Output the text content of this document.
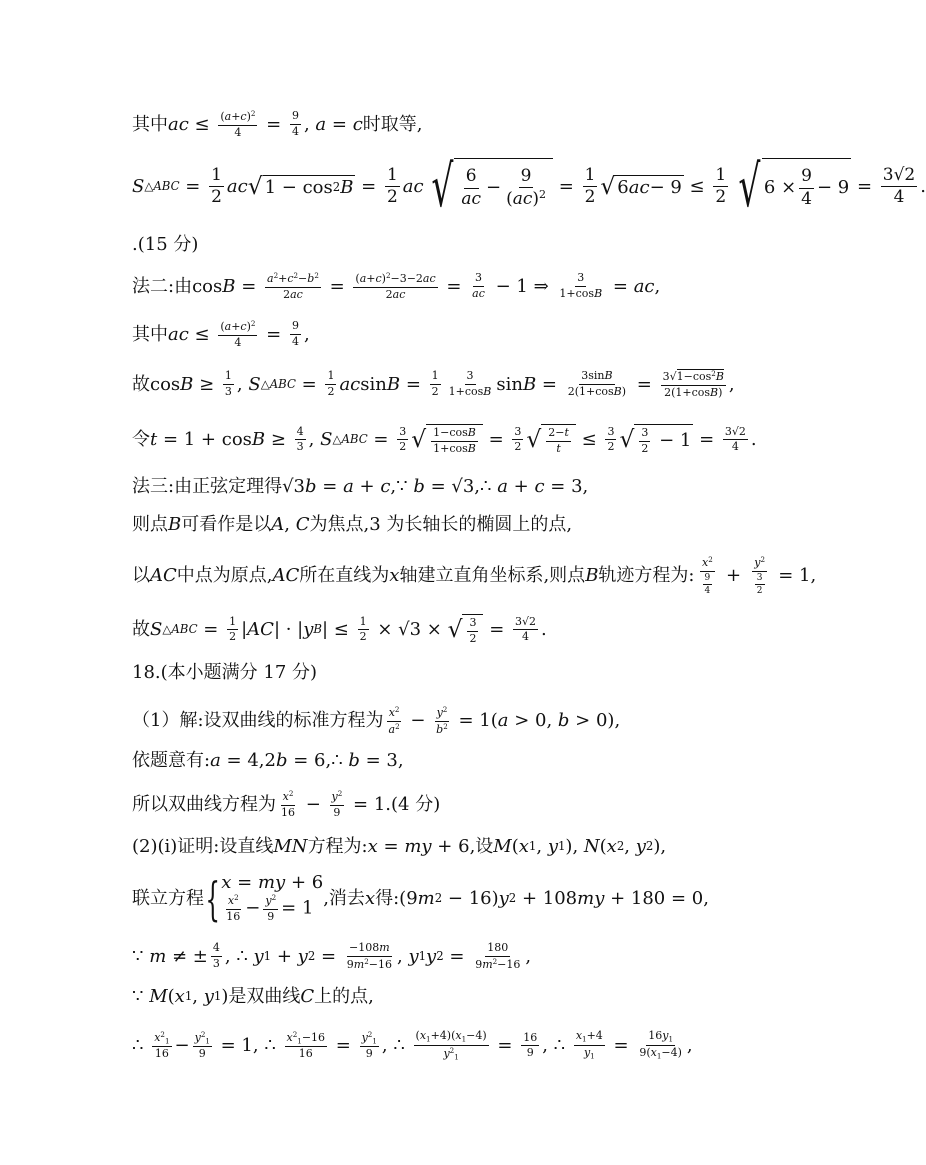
其中 ac ≤ $\frac{(a+c)^2}{4} = \frac{9}{4}$ , a = c 时取等,
S △ABC = $\frac{1}{2}$ ac √ 1 − cos 2 $B = \frac{1}{2}$ ac √ $\frac{6}{ac} - \frac{9}{(ac)^2} = \frac{1}{2}$ √ 6 ac − $9 \le \frac{1}{2}$ √ $6 \times \frac{9}{4} - 9 = \frac{3√2}{4}$ .
.(15 分)
法二:由 $\cos B = \frac{a^2+c^2-b^2}{2ac} = \frac{(a+c)^2-3-2ac}{2ac} = \frac{3}{ac} - 1$ ⇒ $\frac{3}{1+\cos B}$ = ac ,
其中 ac ≤ $\frac{(a+c)^2}{4} = \frac{9}{4}$ ,
故 $\cos B \ge \frac{1}{3}$ , S △ABC = $\frac{1}{2}$ ac $\sin B = \frac{1}{2} \frac{3}{1+\cos B}$ $\sin B = \frac{3\sin B}{2(1+\cos B)} = \frac{3√1-\cos^2B}{2(1+\cos B)}$ ,
令 $t = 1 + \cos B \ge \frac{4}{3}$ , S △ABC = $\frac{3}{2}$ √ $\frac{1-\cos B}{1+\cos B} = \frac{3}{2}$ √ $\frac{2-t}{t} \le \frac{3}{2}$ √ $\frac{3}{2} - 1 = \frac{3√2}{4}$ .
法三:由正弦定理得 √3 b = a + c ,∵ b = √3,∴ a + c = 3,
则点 B 可看作是以 A , C 为焦点,3 为长轴长的椭圆上的点,
以 AC 中点为原点, AC 所在直线为 x 轴建立直角坐标系,则点 B 轨迹方程为: $\frac{x^2}{\frac{9}{4}} + \frac{y^2}{\frac{3}{2}} = 1$,
故 S △ABC = $\frac{1}{2}$ | AC | · | y B | ≤ $\frac{1}{2} \times √3$ × √ $\frac{3}{2} = \frac{3√2}{4}$ .
18.(本小题满分 17 分)
（1）解:设双曲线的标准方程为 $\frac{x^2}{a^2} - \frac{y^2}{b^2} = 1$( a > 0, b > 0),
依题意有: a = 4,2 b = 6,∴ b = 3,
所以双曲线方程为 $\frac{x^2}{16} - \frac{y^2}{9} = 1$ .(4 分)
(2)(i)证明:设直线 MN 方程为: x = my + 6 ,设 M ( x 1 , y 1 ), N ( x 2 , y 2 ),
联立方程 { x = my + 6
$\frac{x^2}{16} - \frac{y^2}{9} = 1$ ,消去 x 得: (9 m 2 − 16) y 2 + 108 my + 180 = 0,
∵ m ≠ ± $\frac{4}{3}$ , ∴ y 1 + y $2 = \frac{-108m}{9m^2-16}$ , y 1 y $2 = \frac{180}{9m^2-16}$ ,
∵ M ( x 1 , y 1 ) 是双曲线 C 上的点,
∴ $\frac{x^2_1}{16} - \frac{y^2_1}{9} = 1$, ∴ $\frac{x^2_1-16}{16} = \frac{y^2_1}{9}$ , ∴ $\frac{(x_1+4)(x_1-4)}{y^2_1} = \frac{16}{9}$ , ∴ $\frac{x_1+4}{y_1} = \frac{16y_1}{9(x_1-4)}$ ,
